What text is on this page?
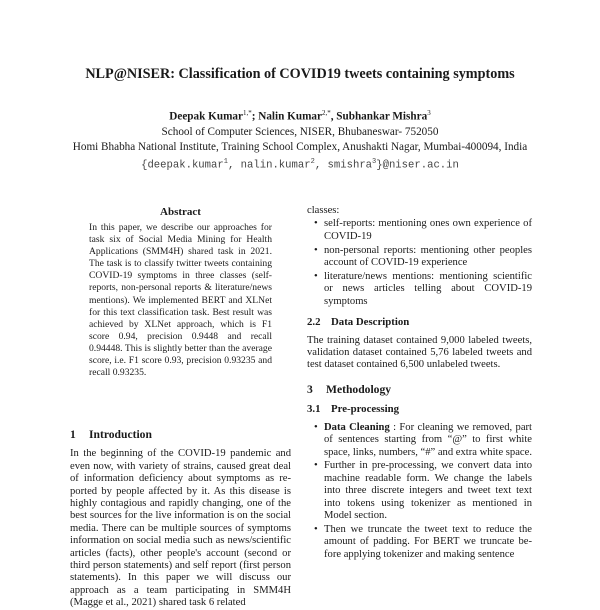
NLP@NISER: Classification of COVID19 tweets containing symptoms
Deepak Kumar$^{1,*}$; Nalin Kumar$^{2,*}$, Subhankar Mishra$^3$
School of Computer Sciences, NISER, Bhubaneswar- 752050
Homi Bhabha National Institute, Training School Complex, Anushakti Nagar, Mumbai-400094, India
{deepak.kumar$^1$, nalin.kumar$^2$, smishra$^3$}@niser.ac.in
Abstract

In this paper, we describe our approaches for task six of Social Media Mining for Health Applications (SMM4H) shared task in 2021. The task is to classify twitter tweets containing COVID-19 symptoms in three classes (self-reports, non-personal reports & literature/news mentions). We implemented BERT and XLNet for this text classification task. Best result was achieved by XLNet approach, which is F1 score 0.94, precision 0.9448 and recall 0.94448. This is slightly better than the average score, i.e. F1 score 0.93, precision 0.93235 and recall 0.93235.

1 Introduction

In the beginning of the COVID-19 pandemic and even now, with variety of strains, caused great deal of information deficiency about symptoms as reported by people affected by it. As this disease is highly contagious and rapidly changing, one of the best sources for the live information is on the social media. There can be multiple sources of symptoms information on social media such as news/scientific articles (facts), other people's account (second or third person statements) and self report (first person statements). In this paper we will discuss our approach as a team participating in SMM4H (Magge et al., 2021) shared task 6 related

classes:

• self-reports: mentioning ones own experience of COVID-19
• non-personal reports: mentioning other peoples account of COVID-19 experience
• literature/news mentions: mentioning scientific or news articles telling about COVID-19 symptoms
2.2 Data Description

The training dataset contained 9,000 labeled tweets, validation dataset contained 5,76 labeled tweets and test dataset contained 6,500 unlabeled tweets.

3 Methodology
3.1 Pre-processing
• Data Cleaning : For cleaning we removed, part of sentences starting from “@” to first white space, links, numbers, “#” and extra white space.
• Further in pre-processing, we convert data into machine readable form. We change the labels into three discrete integers and tweet text text into tokens using tokenizer as mentioned in Model section.
• Then we truncate the tweet text to reduce the amount of padding. For BERT we truncate before applying tokenizer and making sentence
